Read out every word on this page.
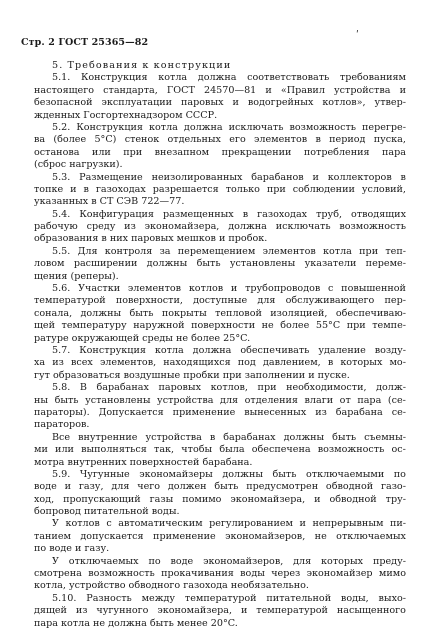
Стр. 2 ГОСТ 25365—82
ʹ
5. Требования к конструкции
5.1. Конструкция котла должна соответствовать требованиям
настоящего стандарта, ГОСТ 24570—81 и «Правил устройства и
безопасной эксплуатации паровых и водогрейных котлов», утвер-
жденных Госгортехнадзором СССР.
5.2. Конструкция котла должна исключать возможность перегре-
ва (более 5°C) стенок отдельных его элементов в период пуска,
останова или при внезапном прекращении потребления пара
(сброс нагрузки).
5.3. Размещение неизолированных барабанов и коллекторов в
топке и в газоходах разрешается только при соблюдении условий,
указанных в СТ СЭВ 722—77.
5.4. Конфигурация размещенных в газоходах труб, отводящих
рабочую среду из экономайзера, должна исключать возможность
образования в них паровых мешков и пробок.
5.5. Для контроля за перемещением элементов котла при теп-
ловом расширении должны быть установлены указатели переме-
щения (реперы).
5.6. Участки элементов котлов и трубопроводов с повышенной
температурой поверхности, доступные для обслуживающего пер-
сонала, должны быть покрыты тепловой изоляцией, обеспечиваю-
щей температуру наружной поверхности не более 55°C при темпе-
ратуре окружающей среды не более 25°C.
5.7. Конструкция котла должна обеспечивать удаление возду-
ха из всех элементов, находящихся под давлением, в которых мо-
гут образоваться воздушные пробки при заполнении и пуске.
5.8. В барабанах паровых котлов, при необходимости, долж-
ны быть установлены устройства для отделения влаги от пара (се-
параторы). Допускается применение вынесенных из барабана се-
параторов.
Все внутренние устройства в барабанах должны быть съемны-
ми или выполняться так, чтобы была обеспечена возможность ос-
мотра внутренних поверхностей барабана.
5.9. Чугунные экономайзеры должны быть отключаемыми по
воде и газу, для чего должен быть предусмотрен обводной газо-
ход, пропускающий газы помимо экономайзера, и обводной тру-
бопровод питательной воды.
У котлов с автоматическим регулированием и непрерывным пи-
танием допускается применение экономайзеров, не отключаемых
по воде и газу.
У отключаемых по воде экономайзеров, для которых преду-
смотрена возможность прокачивания воды через экономайзер мимо
котла, устройство обводного газохода необязательно.
5.10. Разность между температурой питательной воды, выхо-
дящей из чугунного экономайзера, и температурой насыщенного
пара котла не должна быть менее 20°C.
